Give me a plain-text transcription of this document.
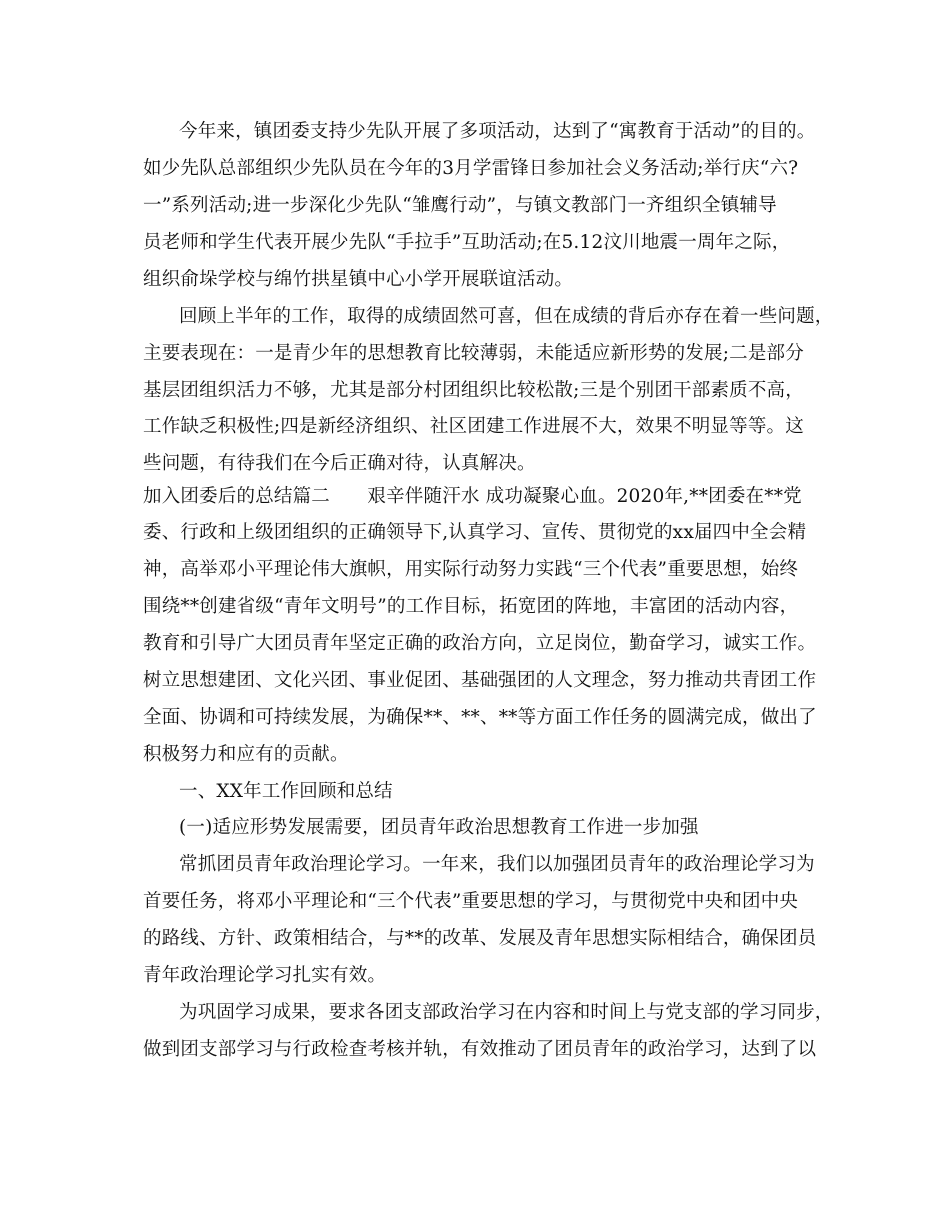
今年来，镇团委支持少先队开展了多项活动，达到了“寓教育于活动”的目的。
如少先队总部组织少先队员在今年的3月学雷锋日参加社会义务活动;举行庆“六?
一”系列活动;进一步深化少先队“雏鹰行动”，与镇文教部门一齐组织全镇辅导
员老师和学生代表开展少先队“手拉手”互助活动;在5.12汶川地震一周年之际，
组织俞垛学校与绵竹拱星镇中心小学开展联谊活动。
回顾上半年的工作，取得的成绩固然可喜，但在成绩的背后亦存在着一些问题，
主要表现在：一是青少年的思想教育比较薄弱，未能适应新形势的发展;二是部分
基层团组织活力不够，尤其是部分村团组织比较松散;三是个别团干部素质不高，
工作缺乏积极性;四是新经济组织、社区团建工作进展不大，效果不明显等等。这
些问题，有待我们在今后正确对待，认真解决。
加入团委后的总结篇二　　艰辛伴随汗水 成功凝聚心血。2020年,**团委在**党
委、行政和上级团组织的正确领导下,认真学习、宣传、贯彻党的xx届四中全会精
神，高举邓小平理论伟大旗帜，用实际行动努力实践“三个代表”重要思想，始终
围绕**创建省级“青年文明号”的工作目标，拓宽团的阵地，丰富团的活动内容，
教育和引导广大团员青年坚定正确的政治方向，立足岗位，勤奋学习，诚实工作。
树立思想建团、文化兴团、事业促团、基础强团的人文理念，努力推动共青团工作
全面、协调和可持续发展，为确保**、**、**等方面工作任务的圆满完成，做出了
积极努力和应有的贡献。
一、XX年工作回顾和总结
(一)适应形势发展需要，团员青年政治思想教育工作进一步加强
常抓团员青年政治理论学习。一年来，我们以加强团员青年的政治理论学习为
首要任务，将邓小平理论和“三个代表”重要思想的学习，与贯彻党中央和团中央
的路线、方针、政策相结合，与**的改革、发展及青年思想实际相结合，确保团员
青年政治理论学习扎实有效。
为巩固学习成果，要求各团支部政治学习在内容和时间上与党支部的学习同步，
做到团支部学习与行政检查考核并轨，有效推动了团员青年的政治学习，达到了以
